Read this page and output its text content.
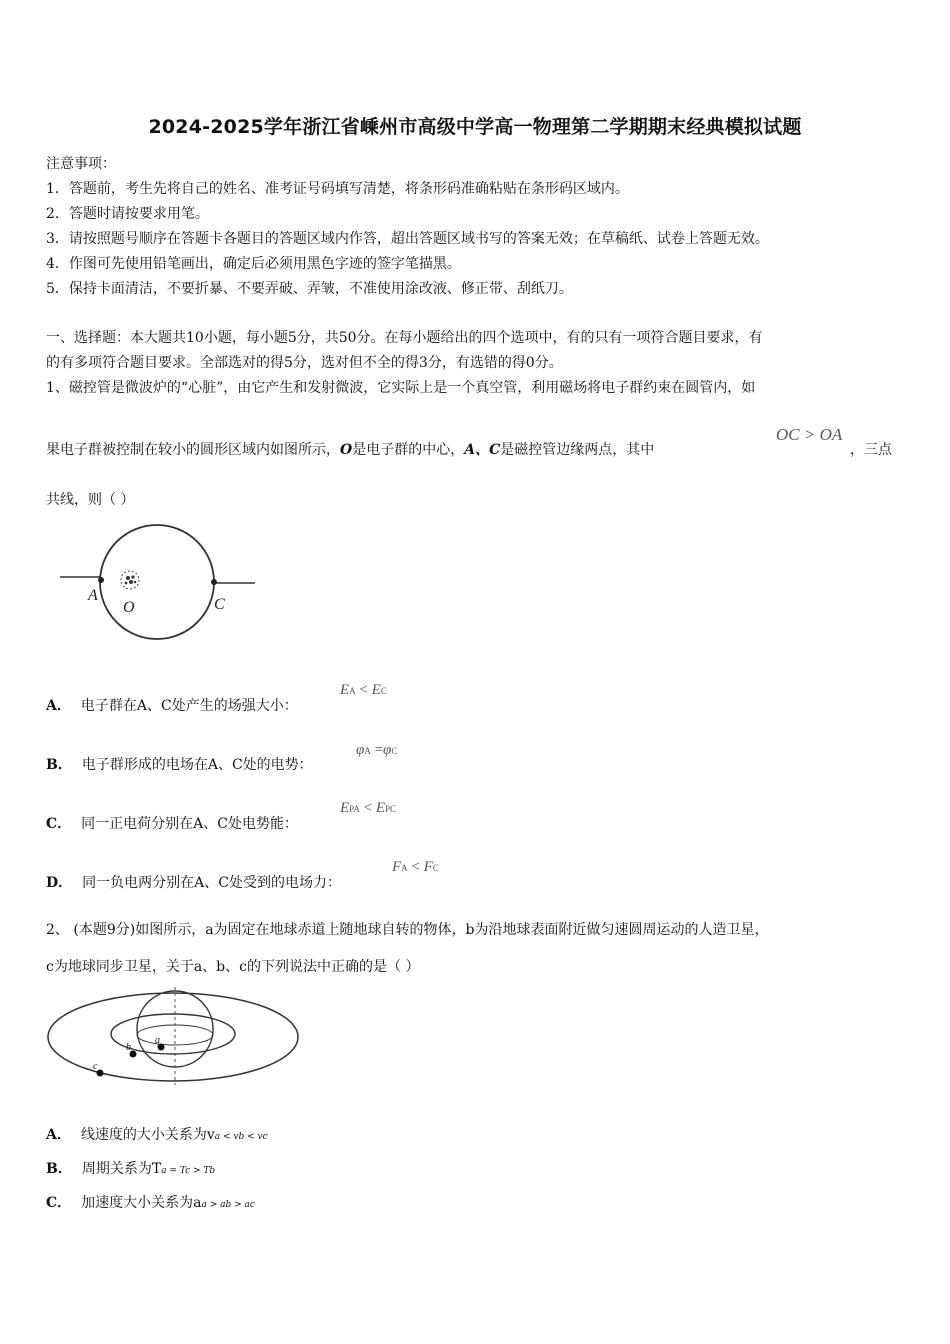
2024-2025学年浙江省嵊州市高级中学高一物理第二学期期末经典模拟试题
注意事项：
1．答题前，考生先将自己的姓名、准考证号码填写清楚，将条形码准确粘贴在条形码区域内。
2．答题时请按要求用笔。
3．请按照题号顺序在答题卡各题目的答题区域内作答，超出答题区域书写的答案无效；在草稿纸、试卷上答题无效。
4．作图可先使用铅笔画出，确定后必须用黑色字迹的签字笔描黑。
5．保持卡面清洁，不要折暴、不要弄破、弄皱，不准使用涂改液、修正带、刮纸刀。
一、选择题：本大题共10小题，每小题5分，共50分。在每小题给出的四个选项中，有的只有一项符合题目要求，有
的有多项符合题目要求。全部选对的得5分，选对但不全的得3分，有选错的得0分。
1、磁控管是微波炉的“心脏”，由它产生和发射微波，它实际上是一个真空管，利用磁场将电子群约束在圆管内，如
果电子群被控制在较小的圆形区域内如图所示，O是电子群的中心，A、C是磁控管边缘两点，其中
OC > OA
，三点
共线，则（ ）
A
O	C
A． 电子群在A、C处产生的场强大小：
EA < EC
B． 电子群形成的电场在A、C处的电势：
φA =φC
C． 同一正电荷分别在A、C处电势能：
EPA < EPC
D． 同一负电两分别在A、C处受到的电场力：
FA < FC
2、 (本题9分)如图所示，a为固定在地球赤道上随地球自转的物体，b为沿地球表面附近做匀速圆周运动的人造卫星，
c为地球同步卫星，关于a、b、c的下列说法中正确的是（ ）
a
b
c
A． 线速度的大小关系为va < vb < vc
B． 周期关系为Ta = Tc > Tb
C． 加速度大小关系为aa > ab > ac
